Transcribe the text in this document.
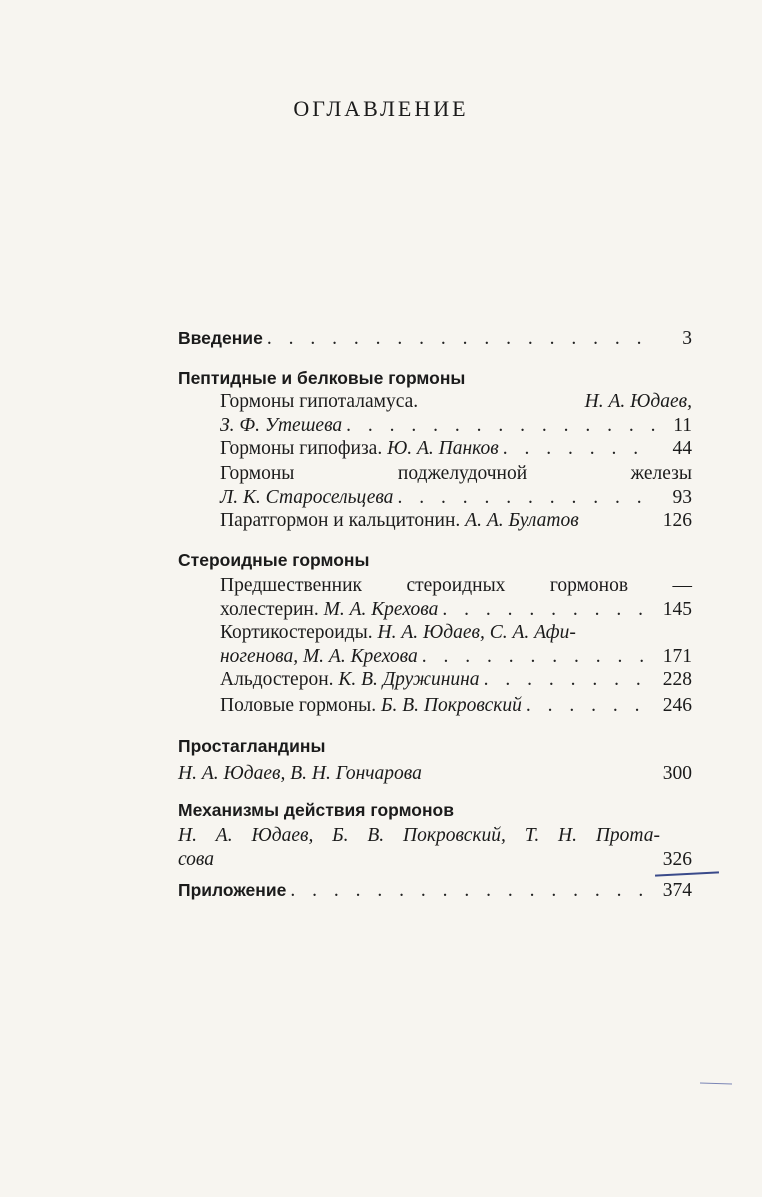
ОГЛАВЛЕНИЕ
Введение . . .	3
Пептидные и белковые гормоны
Гормоны гипоталамуса.	Н. А. Юдаев,
З. Ф. Утешева . . .	11
Гормоны гипофиза.
Ю. А. Панков . . .	44
Гормоны поджелудочной железы
Л. К. Старосельцева . . .	93
Паратгормон и кальцитонин.
А. А. Булатов	126
Стероидные гормоны
Предшественник стероидных гормонов —
холестерин.
М. А. Крехова . . .	145
Кортикостероиды.
Н. А. Юдаев, С. А. Афи-
ногенова, М. А. Крехова . . .	171
Альдостерон.
К. В. Дружинина . . .	228
Половые гормоны.
Б. В. Покровский . . .	246
Простагландины
Н. А. Юдаев, В. Н. Гончарова	300
Механизмы действия гормонов
Н. А. Юдаев, Б. В. Покровский, Т. Н. Прота-
сова	326
Приложение . . .	374
